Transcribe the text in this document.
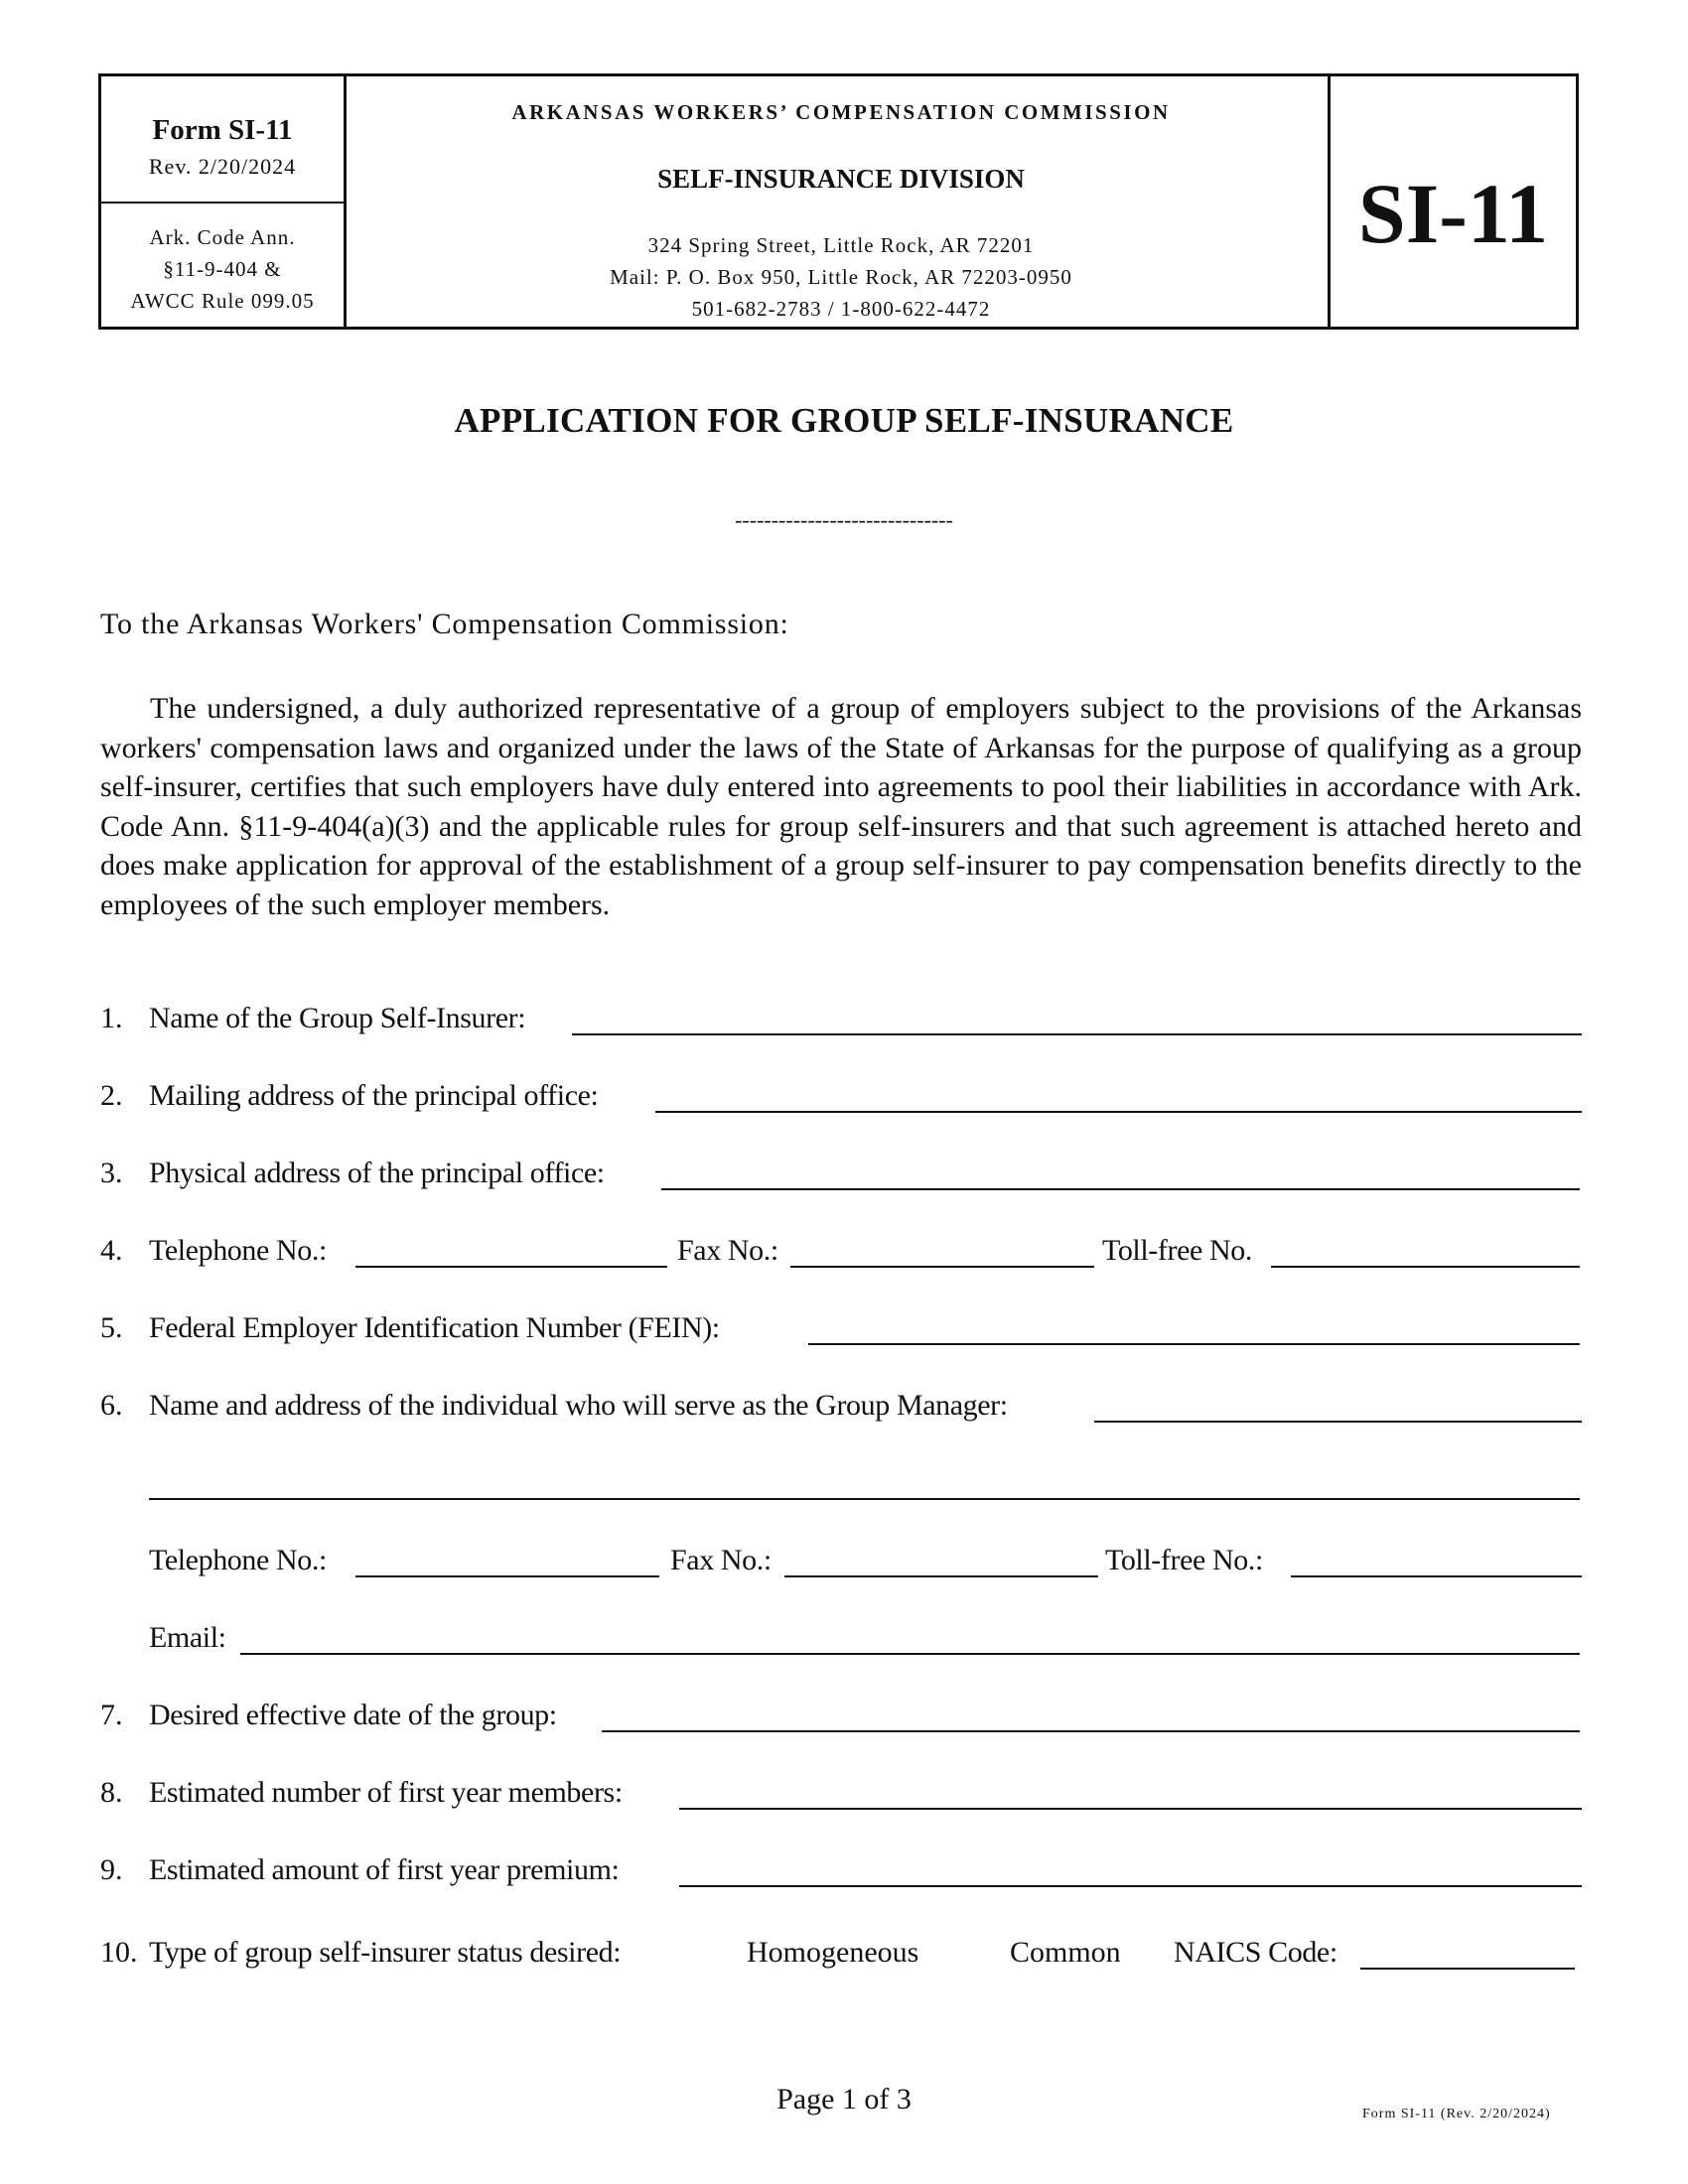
Form SI-11
Rev. 2/20/2024
Ark. Code Ann.
§11-9-404 &
AWCC Rule 099.05
ARKANSAS WORKERS’ COMPENSATION COMMISSION
SELF-INSURANCE DIVISION
324 Spring Street, Little Rock, AR 72201
Mail: P. O. Box 950, Little Rock, AR 72203-0950
501-682-2783 / 1-800-622-4472
SI-11
APPLICATION FOR GROUP SELF-INSURANCE
------------------------------
To the Arkansas Workers' Compensation Commission:

The undersigned, a duly authorized representative of a group of employers subject to the provisions of the Arkansas workers' compensation laws and organized under the laws of the State of Arkansas for the purpose of qualifying as a group self-insurer, certifies that such employers have duly entered into agreements to pool their liabilities in accordance with Ark. Code Ann. §11-9-404(a)(3) and the applicable rules for group self-insurers and that such agreement is attached hereto and does make application for approval of the establishment of a group self-insurer to pay compensation benefits directly to the employees of the such employer members.

1. Name of the Group Self-Insurer:
2. Mailing address of the principal office:
3. Physical address of the principal office:
4. Telephone No.:	Fax No.:	Toll-free No.
5. Federal Employer Identification Number (FEIN):
6. Name and address of the individual who will serve as the Group Manager:
Telephone No.:	Fax No.:	Toll-free No.:
Email:
7. Desired effective date of the group:
8. Estimated number of first year members:
9. Estimated amount of first year premium:
10. Type of group self-insurer status desired:	Homogeneous	Common NAICS Code:
Page 1 of 3	Form SI-11 (Rev. 2/20/2024)
